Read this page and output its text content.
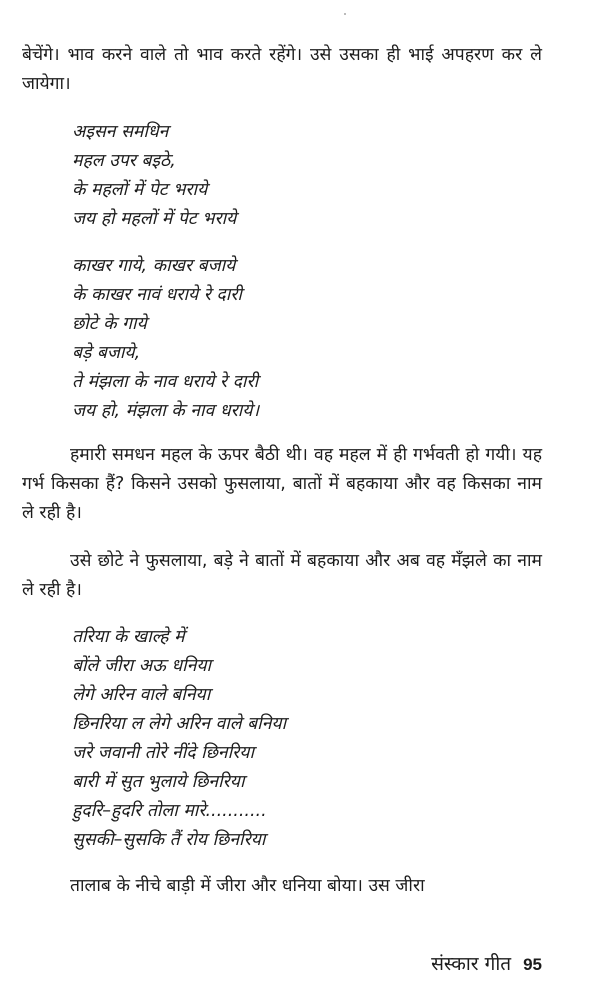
बेचेंगे। भाव करने वाले तो भाव करते रहेंगे। उसे उसका ही भाई अपहरण कर ले जायेगा।

अइसन समधिन
महल उपर बइठे,
के महलों में पेट भराये
जय हो महलों में पेट भराये
काखर गाये, काखर बजाये
के काखर नावं धराये रे दारी
छोटे के गाये
बड़े बजाये,
ते मंझला के नाव धराये रे दारी
जय हो, मंझला के नाव धराये।

हमारी समधन महल के ऊपर बैठी थी। वह महल में ही गर्भवती हो गयी। यह गर्भ किसका हैं? किसने उसको फुसलाया, बातों में बहकाया और वह किसका नाम ले रही है।

उसे छोटे ने फुसलाया, बड़े ने बातों में बहकाया और अब वह मँझले का नाम ले रही है।

तरिया के खाल्हे में
बोंले जीरा अऊ धनिया
लेगे अरिन वाले बनिया
छिनरिया ल लेगे अरिन वाले बनिया
जरे जवानी तोरे नींदे छिनरिया
बारी में सुत भुलाये छिनरिया
हुदरि–हुदरि तोला मारे...........
सुसकी–सुसकि तैं रोय छिनरिया

तालाब के नीचे बाड़ी में जीरा और धनिया बोया। उस जीरा

संस्कार गीत 95
